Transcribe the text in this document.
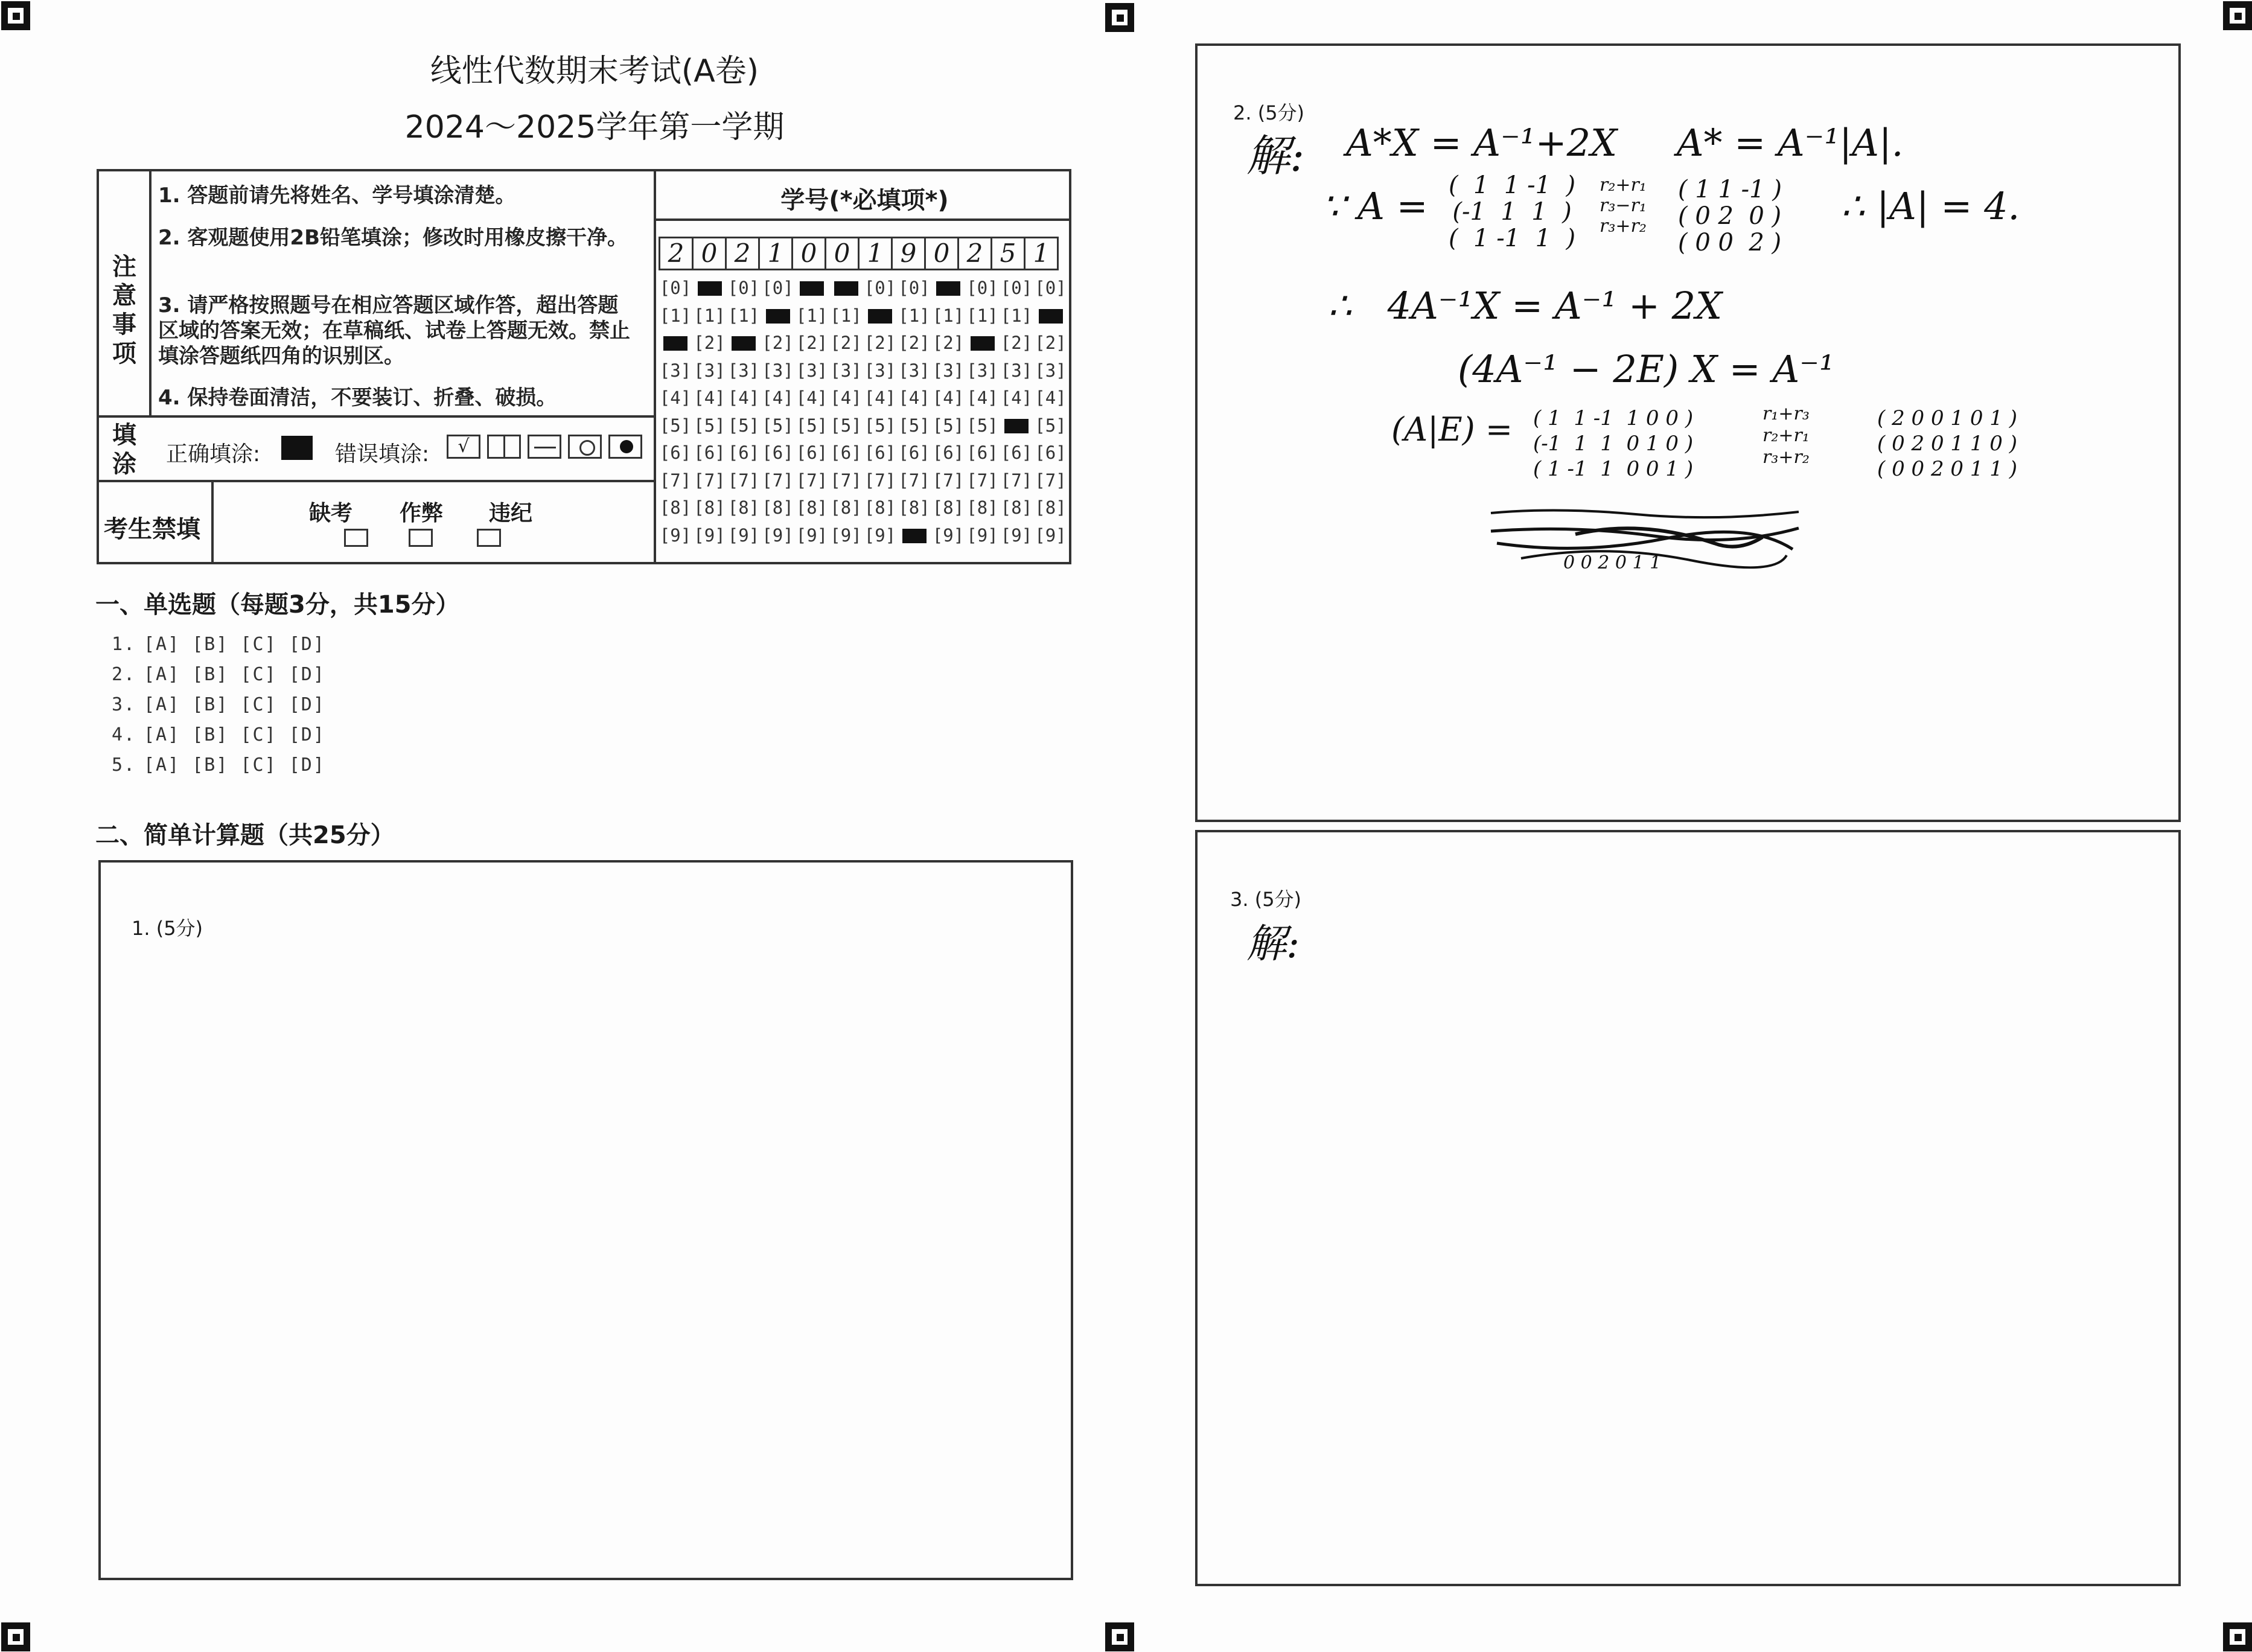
线性代数期末考试(A卷)
2024～2025学年第一学期
注
意
事
项
1. 答题前请先将姓名、学号填涂清楚。
2. 客观题使用2B铅笔填涂；修改时用橡皮擦干净。
3. 请严格按照题号在相应答题区域作答，超出答题区域的答案无效；在草稿纸、试卷上答题无效。禁止填涂答题纸四角的识别区。
4. 保持卷面清洁，不要装订、折叠、破损。
填
涂 正确填涂:	错误填涂:	√

考生禁填
缺考 作弊 违纪
学号(*必填项*)
2 0 2 1 0 0 1 9 0 2 5 1
[0]
[1]
[3]
[4]
[5]
[6]
[7]
[8]
[9]
[1]
[2]
[3]
[4]
[5]
[6]
[7]
[8]
[9]
[0]
[1]
[3]
[4]
[5]
[6]
[7]
[8]
[9]
[0]
[2]
[3]
[4]
[5]
[6]
[7]
[8]
[9]
[1]
[2]
[3]
[4]
[5]
[6]
[7]
[8]
[9]
[1]
[2]
[3]
[4]
[5]
[6]
[7]
[8]
[9]
[0]
[2]
[3]
[4]
[5]
[6]
[7]
[8]
[9]
[0]
[1]
[2]
[3]
[4]
[5]
[6]
[7]
[8]
[1]
[2]
[3]
[4]
[5]
[6]
[7]
[8]
[9]
[0]
[1]
[3]
[4]
[5]
[6]
[7]
[8]
[9]
[0]
[1]
[2]
[3]
[4]
[6]
[7]
[8]
[9]
[0]
[2]
[3]
[4]
[5]
[6]
[7]
[8]
[9]
一、单选题（每题3分，共15分）
1. [A] [B] [C] [D]
2. [A] [B] [C] [D]
3. [A] [B] [C] [D]
4. [A] [B] [C] [D]
5. [A] [B] [C] [D]
二、简单计算题（共25分）
1. (5分)
2. (5分)
解: A*X = A⁻¹+2X     A* = A⁻¹|A|.
∵ A = (  1  1 -1  )
(-1  1  1  )
(  1 -1  1  )
r₂+r₁
r₃−r₁
r₃+r₂
( 1 1 -1 )
( 0 2  0 )
( 0 0  2 )
∴ |A| = 4.
∴   4A⁻¹X = A⁻¹ + 2X
(4A⁻¹ − 2E) X = A⁻¹
(A|E) = ( 1  1 -1  1 0 0 )
(-1  1  1  0 1 0 )
( 1 -1  1  0 0 1 )
r₁+r₃
r₂+r₁
r₃+r₂
( 2 0 0 1 0 1 )
( 0 2 0 1 1 0 )
( 0 0 2 0 1 1 )
0 0 2 0 1 1
3. (5分)
解:
